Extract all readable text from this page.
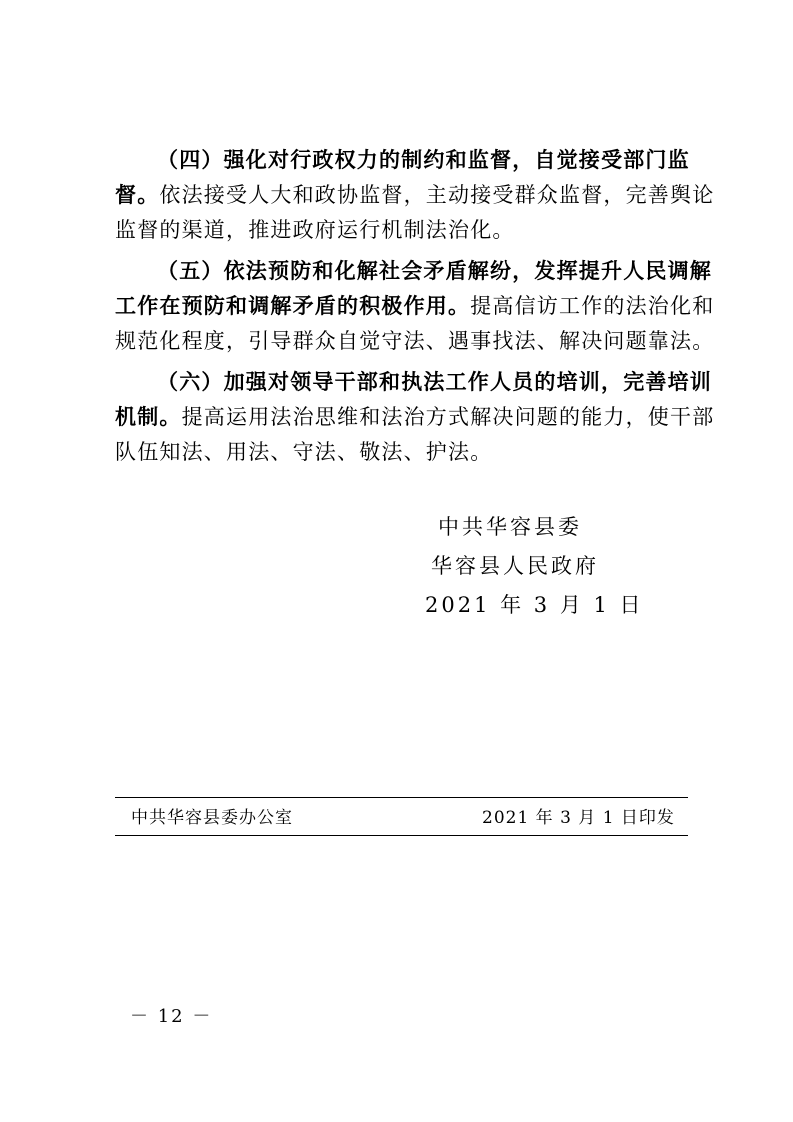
（四）强化对行政权力的制约和监督，自觉接受部门监
督。依法接受人大和政协监督，主动接受群众监督，完善舆论
监督的渠道，推进政府运行机制法治化。
（五）依法预防和化解社会矛盾解纷，发挥提升人民调解
工作在预防和调解矛盾的积极作用。提高信访工作的法治化和
规范化程度，引导群众自觉守法、遇事找法、解决问题靠法。
（六）加强对领导干部和执法工作人员的培训，完善培训
机制。提高运用法治思维和法治方式解决问题的能力，使干部
队伍知法、用法、守法、敬法、护法。
中共华容县委
华容县人民政府
2021 年 3 月 1 日
中共华容县委办公室	2021 年 3 月 1 日印发
－ 12 －
